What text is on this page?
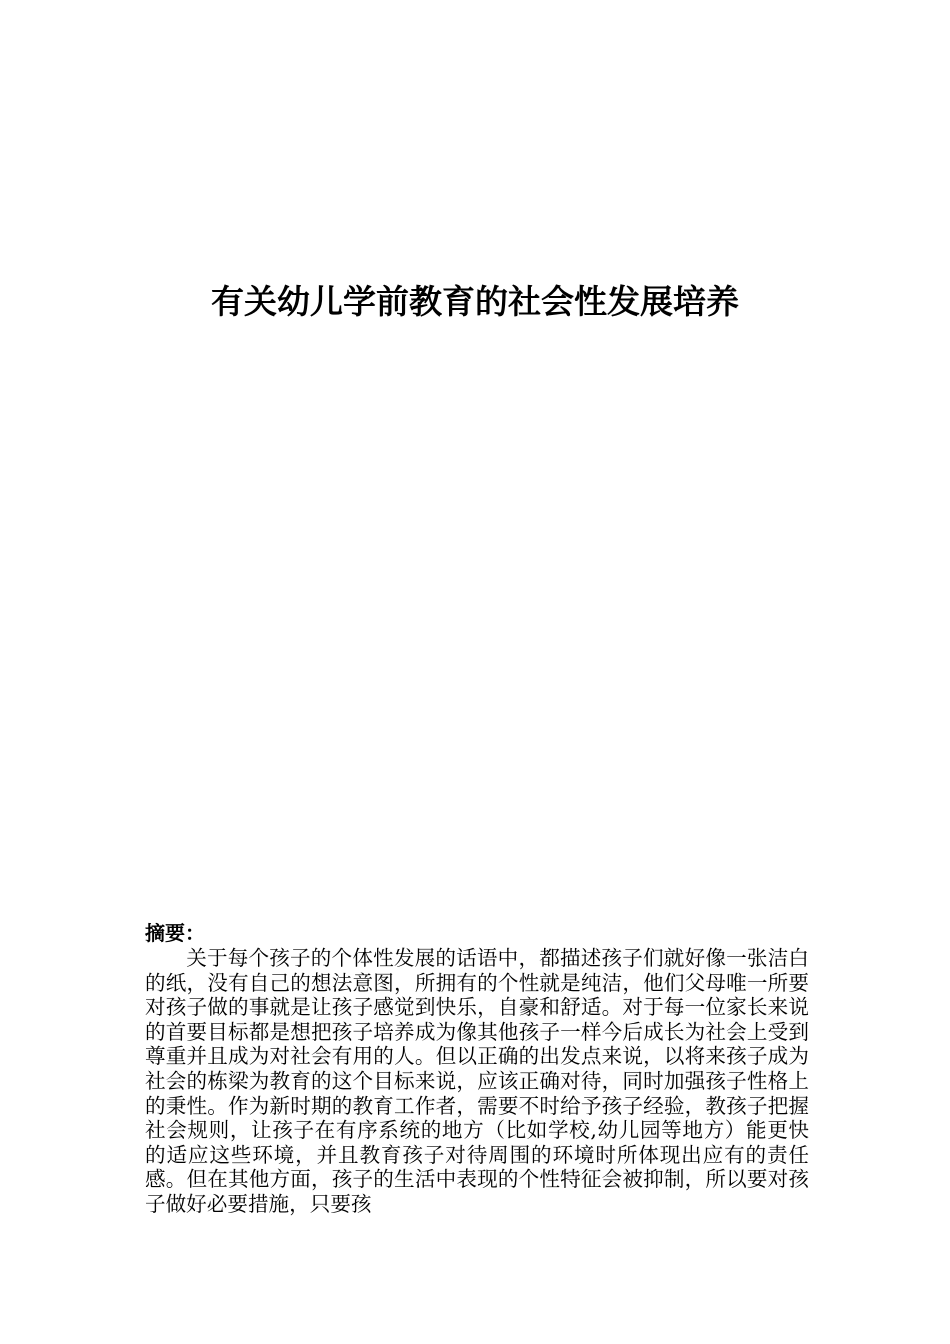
有关幼儿学前教育的社会性发展培养

摘要：

关于每个孩子的个体性发展的话语中，都描述孩子们就好像一张洁白的纸，没有自己的想法意图，所拥有的个性就是纯洁，他们父母唯一所要对孩子做的事就是让孩子感觉到快乐，自豪和舒适。对于每一位家长来说的首要目标都是想把孩子培养成为像其他孩子一样今后成长为社会上受到尊重并且成为对社会有用的人。但以正确的出发点来说，以将来孩子成为社会的栋梁为教育的这个目标来说，应该正确对待，同时加强孩子性格上的秉性。作为新时期的教育工作者，需要不时给予孩子经验，教孩子把握社会规则，让孩子在有序系统的地方（比如学校,幼儿园等地方）能更快的适应这些环境，并且教育孩子对待周围的环境时所体现出应有的责任感。但在其他方面，孩子的生活中表现的个性特征会被抑制，所以要对孩子做好必要措施，只要孩
